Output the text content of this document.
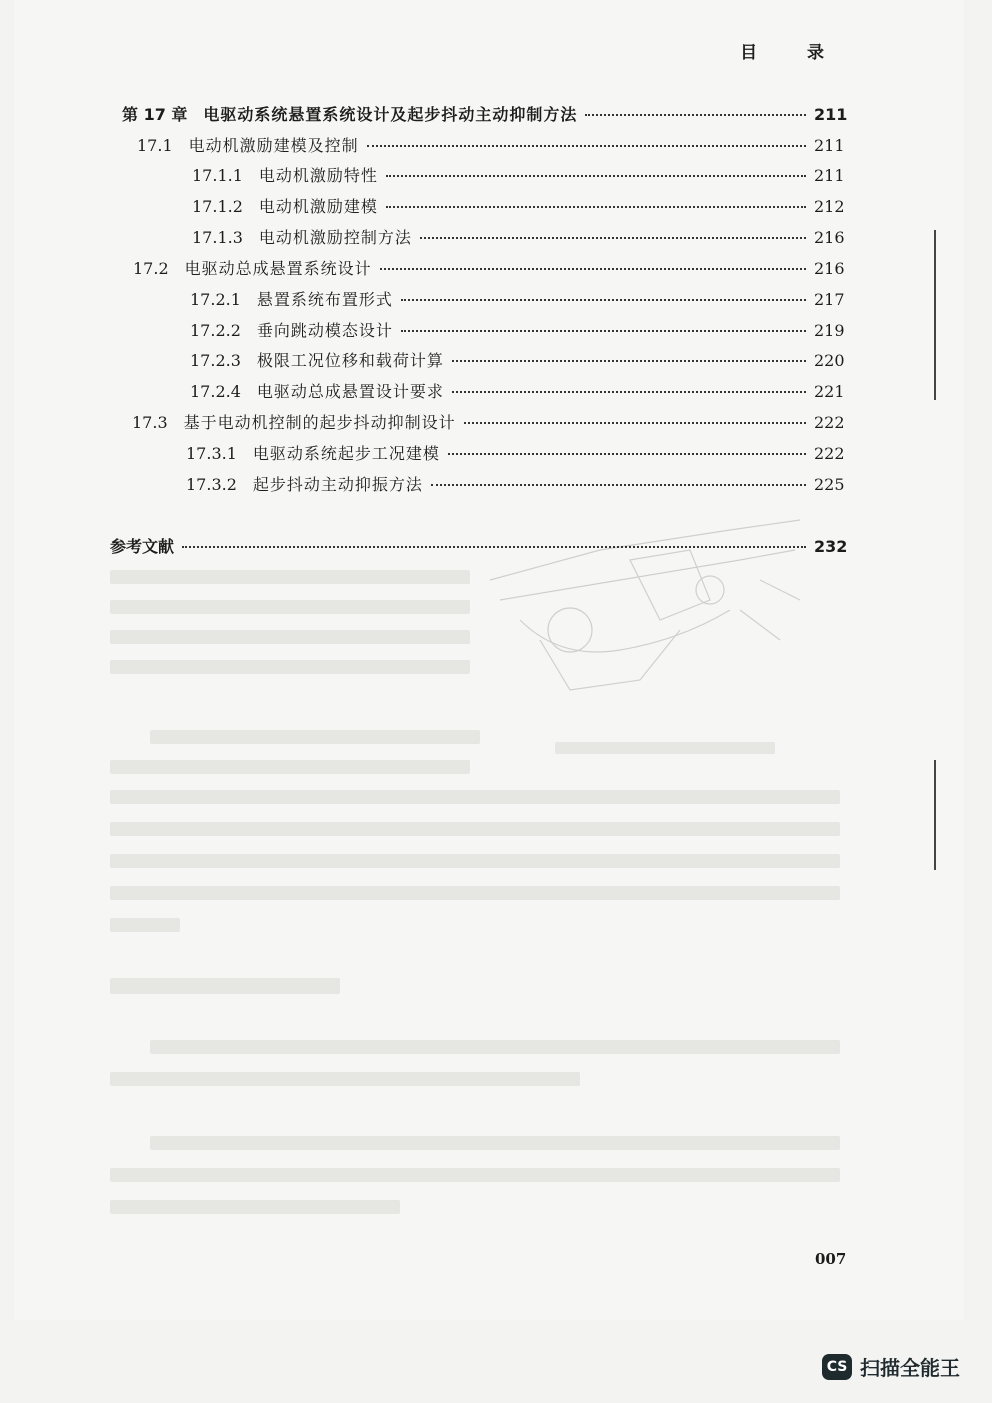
目 录
第 17 章 电驱动系统悬置系统设计及起步抖动主动抑制方法	211
17.1 电动机激励建模及控制	211
17.1.1 电动机激励特性	211
17.1.2 电动机激励建模	212
17.1.3 电动机激励控制方法	216
17.2 电驱动总成悬置系统设计	216
17.2.1 悬置系统布置形式	217
17.2.2 垂向跳动模态设计	219
17.2.3 极限工况位移和载荷计算	220
17.2.4 电驱动总成悬置设计要求	221
17.3 基于电动机控制的起步抖动抑制设计	222
17.3.1 电驱动系统起步工况建模	222
17.3.2 起步抖动主动抑振方法	225
参考文献	232
007
CS 扫描全能王
